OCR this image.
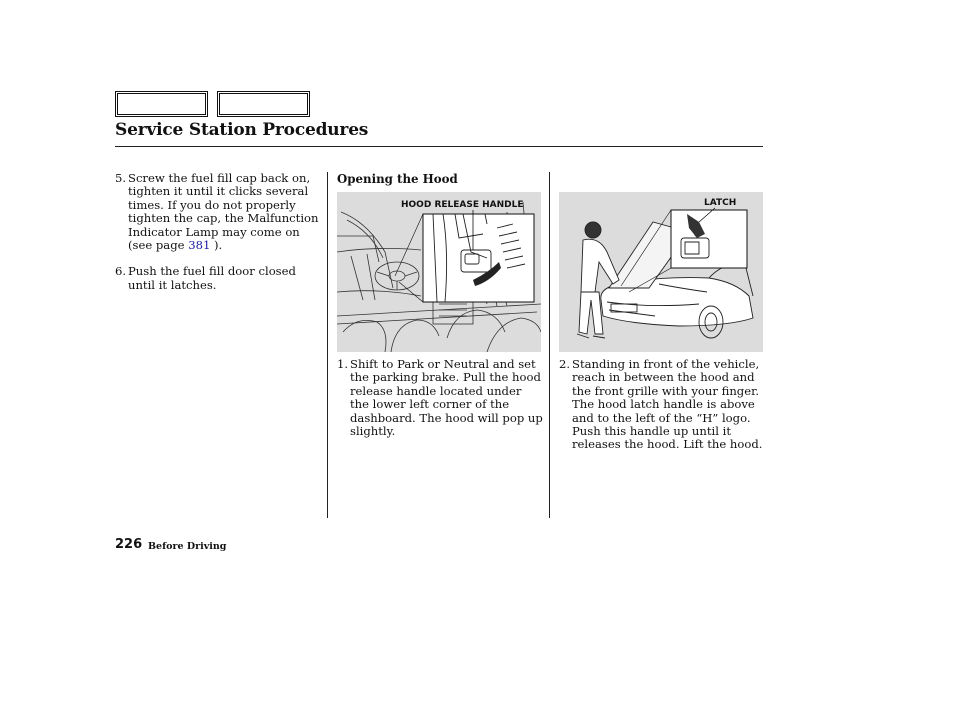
Service Station Procedures
5. Screw the fuel fill cap back on, tighten it until it clicks several times. If you do not properly tighten the cap, the Malfunction Indicator Lamp may come on (see page 381 ).
6. Push the fuel fill door closed until it latches.
Opening the Hood
HOOD RELEASE HANDLE
1. Shift to Park or Neutral and set the parking brake. Pull the hood release handle located under the lower left corner of the dashboard. The hood will pop up slightly.
LATCH
2. Standing in front of the vehicle, reach in between the hood and the front grille with your finger. The hood latch handle is above and to the left of the “H” logo. Push this handle up until it releases the hood. Lift the hood.
226 Before Driving
